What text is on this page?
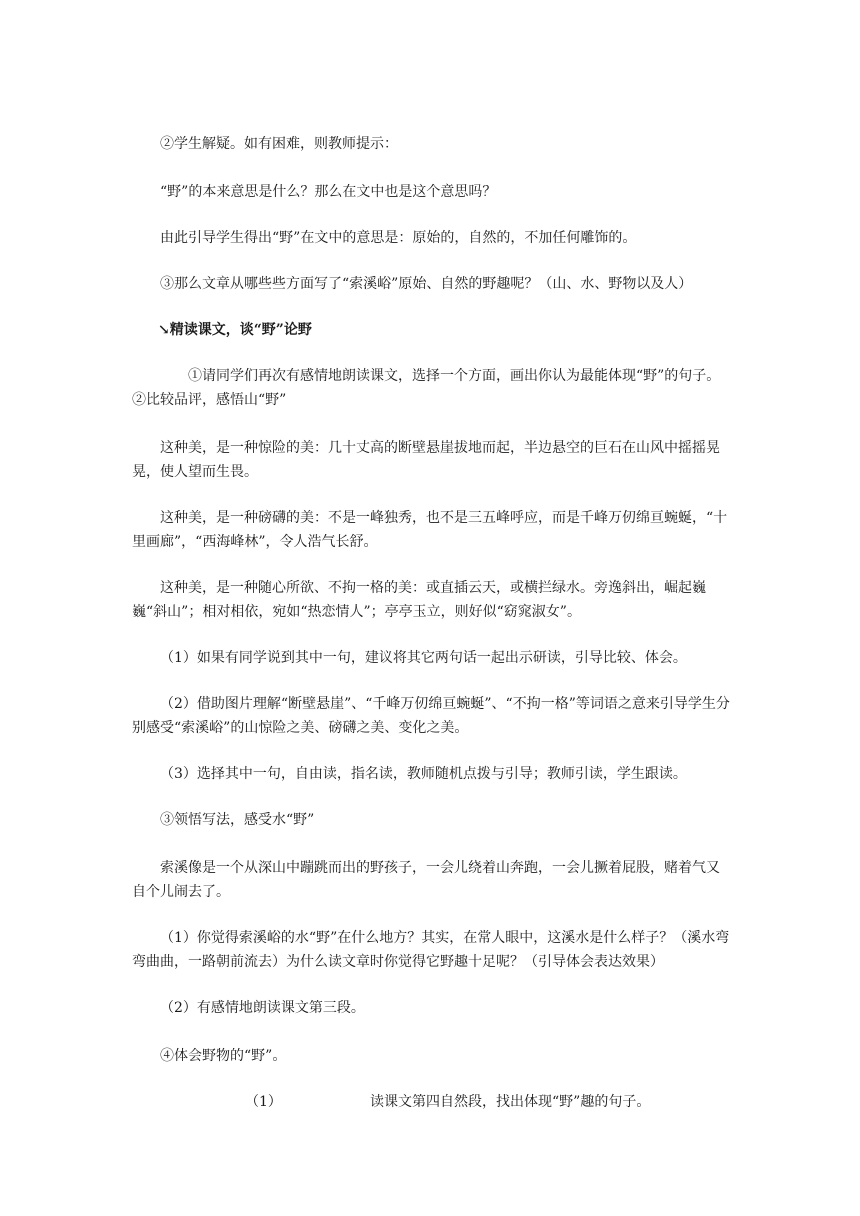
②学生解疑。如有困难，则教师提示：
“野”的本来意思是什么？那么在文中也是这个意思吗？
由此引导学生得出“野”在文中的意思是：原始的，自然的，不加任何雕饰的。
③那么文章从哪些些方面写了“索溪峪”原始、自然的野趣呢？（山、水、野物以及人）
↘精读课文，谈“野”论野
①请同学们再次有感情地朗读课文，选择一个方面，画出你认为最能体现“野”的句子。②比较品评，感悟山“野”
这种美，是一种惊险的美：几十丈高的断壁悬崖拔地而起，半边悬空的巨石在山风中摇摇晃晃，使人望而生畏。
这种美，是一种磅礴的美：不是一峰独秀，也不是三五峰呼应，而是千峰万仞绵亘蜿蜒，“十里画廊”，“西海峰林”，令人浩气长舒。
这种美，是一种随心所欲、不拘一格的美：或直插云天，或横拦绿水。旁逸斜出，崛起巍巍“斜山”；相对相依，宛如“热恋情人”；亭亭玉立，则好似“窈窕淑女”。
（1）如果有同学说到其中一句，建议将其它两句话一起出示研读，引导比较、体会。
（2）借助图片理解“断壁悬崖”、“千峰万仞绵亘蜿蜒”、“不拘一格”等词语之意来引导学生分别感受“索溪峪”的山惊险之美、磅礴之美、变化之美。
（3）选择其中一句，自由读，指名读，教师随机点拨与引导；教师引读，学生跟读。
③领悟写法，感受水“野”
索溪像是一个从深山中蹦跳而出的野孩子，一会儿绕着山奔跑，一会儿撅着屁股，赌着气又自个儿闹去了。
（1）你觉得索溪峪的水“野”在什么地方？其实，在常人眼中，这溪水是什么样子？（溪水弯弯曲曲，一路朝前流去）为什么读文章时你觉得它野趣十足呢？（引导体会表达效果）
（2）有感情地朗读课文第三段。
④体会野物的“野”。
（1）	读课文第四自然段，找出体现“野”趣的句子。
